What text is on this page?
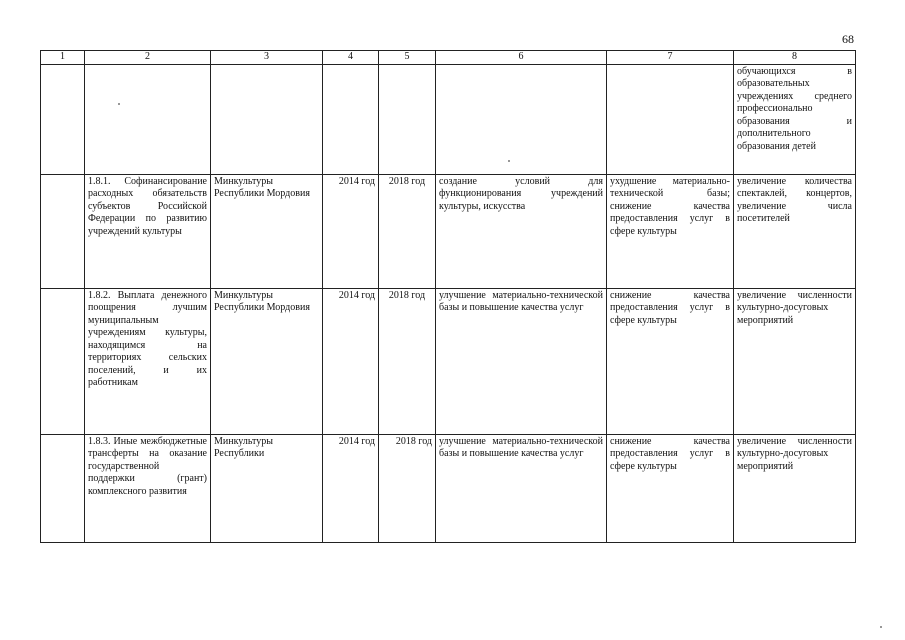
68
1	2	3	4	5	6	7	8
							обучающихся в образовательных учреждениях среднего профессионально образования и дополнительного образования детей
	1.8.1. Софинансирование расходных обязательств субъектов Российской Федерации по развитию учреждений культуры	Минкультуры Республики Мордовия	2014 год	2018 год	создание условий для функционирования учреждений культуры, искусства	ухудшение материально-технической базы; снижение качества предоставления услуг в сфере культуры	увеличение количества спектаклей, концертов, увеличение числа посетителей
	1.8.2. Выплата денежного поощрения лучшим муниципальным учреждениям культуры, находящимся на территориях сельских поселений, и их работникам	Минкультуры Республики Мордовия	2014 год	2018 год	улучшение материально-технической базы и повышение качества услуг	снижение качества предоставления услуг в сфере культуры	увеличение численности культурно-досуговых мероприятий
	1.8.3. Иные межбюджетные трансферты на оказание государственной поддержки (грант) комплексного развития	Минкультуры Республики	2014 год	2018 год	улучшение материально-технической базы и повышение качества услуг	снижение качества предоставления услуг в сфере культуры	увеличение численности культурно-досуговых мероприятий
